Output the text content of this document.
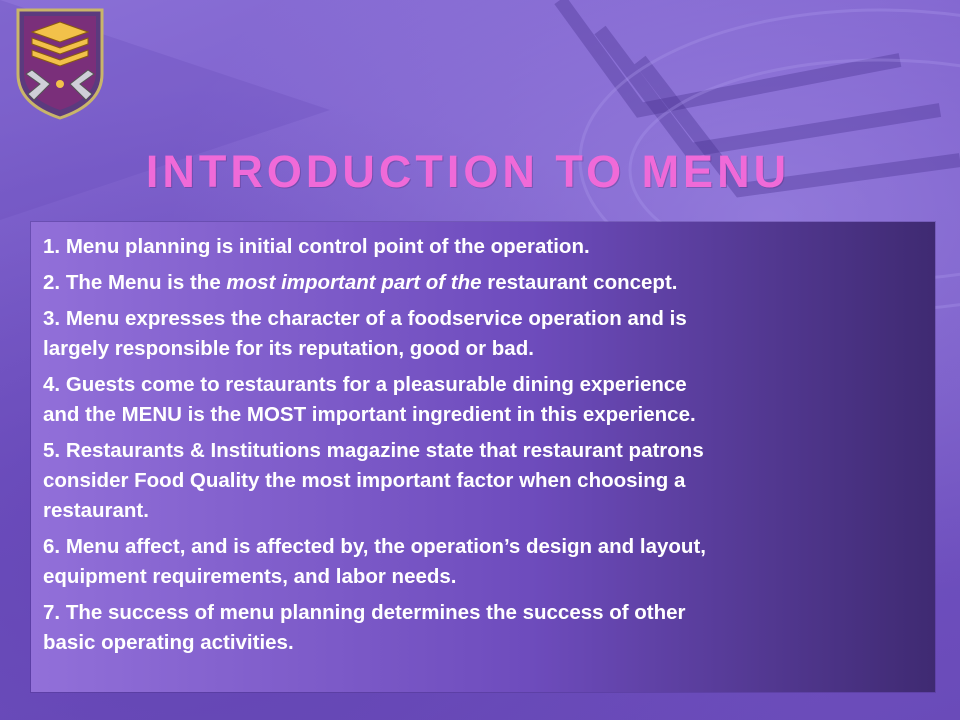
INTRODUCTION TO MENU
1. Menu planning is initial control point of the operation.
2. The Menu is the most important part of the restaurant concept.
3. Menu expresses the character of a foodservice operation and is
largely responsible for its reputation, good or bad.
4. Guests come to restaurants for a pleasurable dining experience
and the MENU is the MOST important ingredient in this experience.
5. Restaurants & Institutions magazine state that restaurant patrons
consider Food Quality the most important factor when choosing a
restaurant.
6. Menu affect, and is affected by, the operation’s design and layout,
equipment requirements, and labor needs.
7. The success of menu planning determines the success of other
basic operating activities.
